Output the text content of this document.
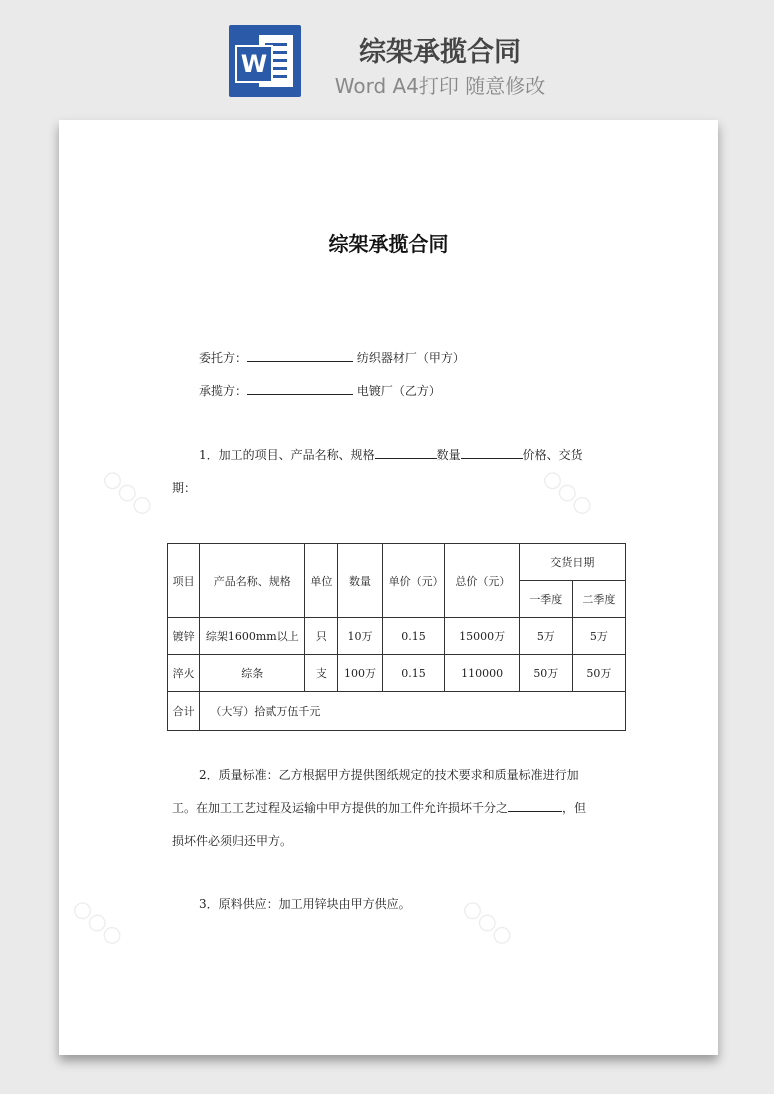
W	综架承揽合同
Word A4打印 随意修改
○○○	○○○
○○○	○○○
综架承揽合同
委托方：	纺织器材厂（甲方）
承揽方：	电镀厂（乙方）
1．加工的项目、产品名称、规格	数量	价格、交货
期：
项目	产品名称、规格	单位	数量	单价（元）	总价（元）	交货日期	
						一季度	二季度
镀锌	综架1600mm以上	只	10万	0.15	15000万	5万	5万
淬火	综条	支	100万	0.15	110000	50万	50万
合计	（大写）拾贰万伍千元						
2．质量标准：乙方根据甲方提供图纸规定的技术要求和质量标准进行加
工。在加工工艺过程及运输中甲方提供的加工件允许损坏千分之	，但
损坏件必须归还甲方。
3．原料供应：加工用锌块由甲方供应。
